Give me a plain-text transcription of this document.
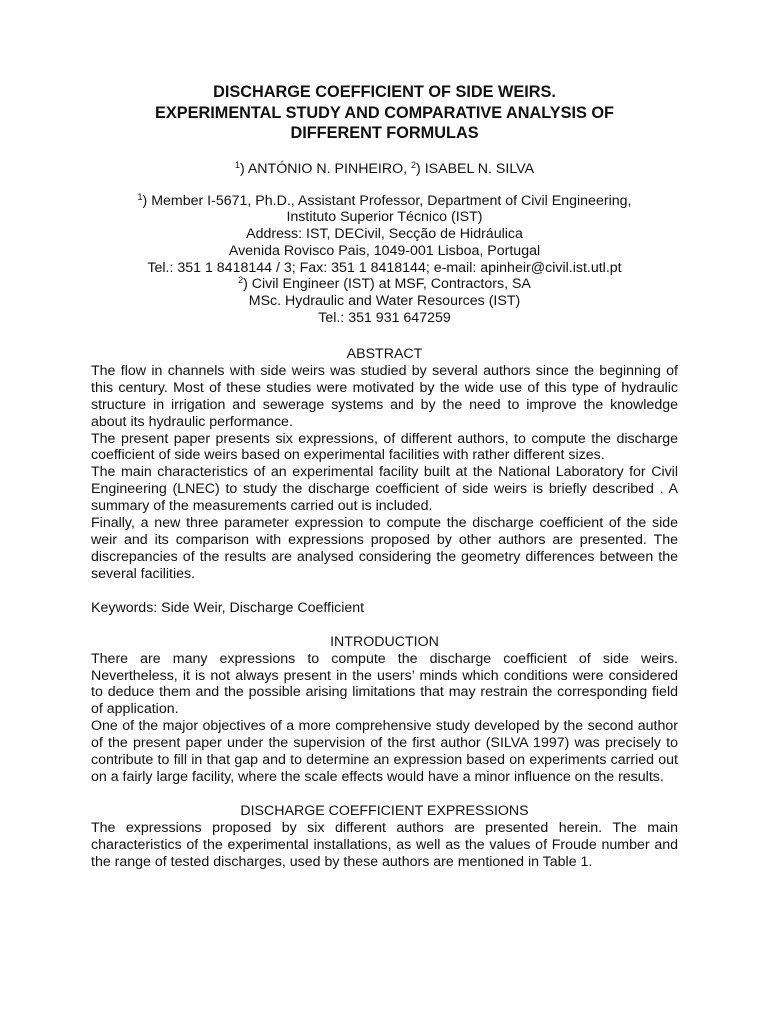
DISCHARGE COEFFICIENT OF SIDE WEIRS.
EXPERIMENTAL STUDY AND COMPARATIVE ANALYSIS OF
DIFFERENT FORMULAS
$^1$) ANTÓNIO N. PINHEIRO, $^2$) ISABEL N. SILVA
$^1$) Member I-5671, Ph.D., Assistant Professor, Department of Civil Engineering,
Instituto Superior Técnico (IST)
Address: IST, DECivil, Secção de Hidráulica
Avenida Rovisco Pais, 1049-001 Lisboa, Portugal
Tel.: 351 1 8418144 / 3; Fax: 351 1 8418144; e-mail: apinheir@civil.ist.utl.pt
$^2$) Civil Engineer (IST) at MSF, Contractors, SA
MSc. Hydraulic and Water Resources (IST)
Tel.: 351 931 647259
ABSTRACT

The flow in channels with side weirs was studied by several authors since the beginning of this century. Most of these studies were motivated by the wide use of this type of hydraulic structure in irrigation and sewerage systems and by the need to improve the knowledge about its hydraulic performance.

The present paper presents six expressions, of different authors, to compute the discharge coefficient of side weirs based on experimental facilities with rather different sizes.

The main characteristics of an experimental facility built at the National Laboratory for Civil Engineering (LNEC) to study the discharge coefficient of side weirs is briefly described . A summary of the measurements carried out is included.

Finally, a new three parameter expression to compute the discharge coefficient of the side weir and its comparison with expressions proposed by other authors are presented. The discrepancies of the results are analysed considering the geometry differences between the several facilities.

Keywords: Side Weir, Discharge Coefficient
INTRODUCTION

There are many expressions to compute the discharge coefficient of side weirs. Nevertheless, it is not always present in the users’ minds which conditions were considered to deduce them and the possible arising limitations that may restrain the corresponding field of application.

One of the major objectives of a more comprehensive study developed by the second author of the present paper under the supervision of the first author (SILVA 1997) was precisely to contribute to fill in that gap and to determine an expression based on experiments carried out on a fairly large facility, where the scale effects would have a minor influence on the results.

DISCHARGE COEFFICIENT EXPRESSIONS

The expressions proposed by six different authors are presented herein. The main characteristics of the experimental installations, as well as the values of Froude number and the range of tested discharges, used by these authors are mentioned in Table 1.
